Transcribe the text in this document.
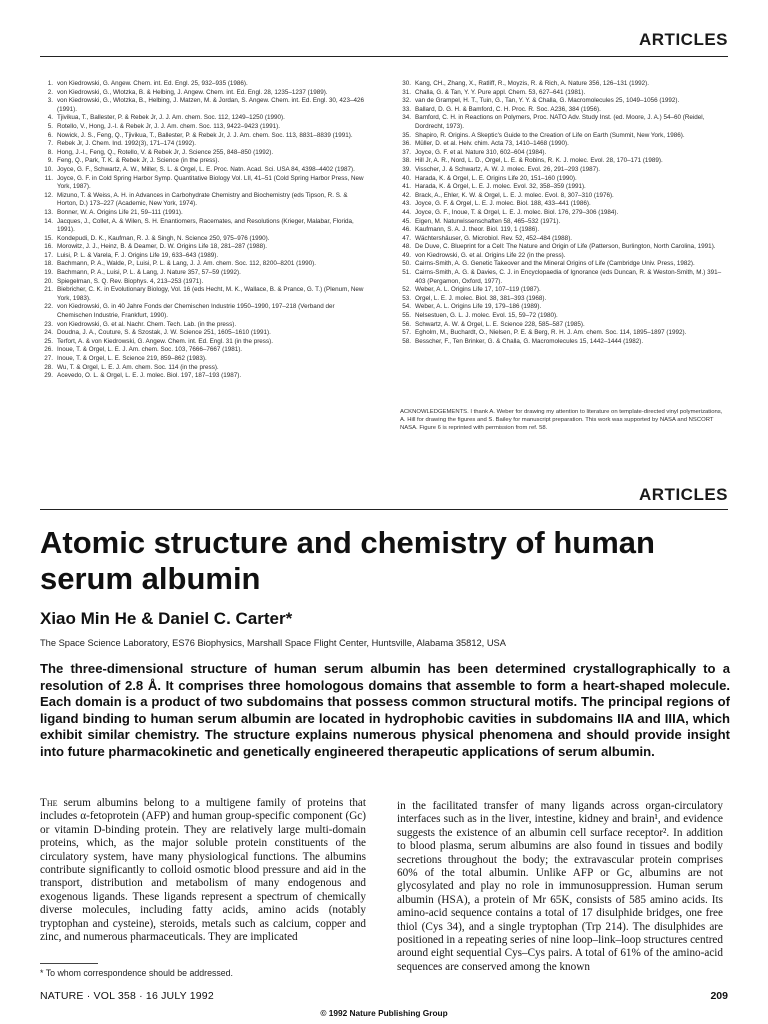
ARTICLES
1. von Kiedrowski, G. Angew. Chem. int. Ed. Engl. 25, 932–935 (1986).
2. von Kiedrowski, G., Wlotzka, B. & Helbing, J. Angew. Chem. int. Ed. Engl. 28, 1235–1237 (1989).
3. von Kiedrowski, G., Wlotzka, B., Helbing, J. Matzen, M. & Jordan, S. Angew. Chem. int. Ed. Engl. 30, 423–426 (1991).
4. Tjivikua, T., Ballester, P. & Rebek Jr, J. J. Am. chem. Soc. 112, 1249–1250 (1990).
5. Rotello, V., Hong, J.-I. & Rebek Jr, J. J. Am. chem. Soc. 113, 9422–9423 (1991).
6. Nowick, J. S., Feng, Q., Tjivikua, T., Ballester, P. & Rebek Jr, J. J. Am. chem. Soc. 113, 8831–8839 (1991).
7. Rebek Jr, J. Chem. Ind. 1992(3), 171–174 (1992).
8. Hong, J.-I., Feng, Q., Rotello, V. & Rebek Jr, J. Science 255, 848–850 (1992).
9. Feng, Q., Park, T. K. & Rebek Jr, J. Science (in the press).
10. Joyce, G. F., Schwartz, A. W., Miller, S. L. & Orgel, L. E. Proc. Natn. Acad. Sci. USA 84, 4398–4402 (1987).
11. Joyce, G. F. in Cold Spring Harbor Symp. Quantitative Biology Vol. LII, 41–51 (Cold Spring Harbor Press, New York, 1987).
12. Mizuno, T. & Weiss, A. H. in Advances in Carbohydrate Chemistry and Biochemistry (eds Tipson, R. S. & Horton, D.) 173–227 (Academic, New York, 1974).
13. Bonner, W. A. Origins Life 21, 59–111 (1991).
14. Jacques, J., Collet, A. & Wilen, S. H. Enantiomers, Racemates, and Resolutions (Krieger, Malabar, Florida, 1991).
15. Kondepudi, D. K., Kaufman, R. J. & Singh, N. Science 250, 975–976 (1990).
16. Morowitz, J. J., Heinz, B. & Deamer, D. W. Origins Life 18, 281–287 (1988).
17. Luisi, P. L. & Varela, F. J. Origins Life 19, 633–643 (1989).
18. Bachmann, P. A., Walde, P., Luisi, P. L. & Lang, J. J. Am. chem. Soc. 112, 8200–8201 (1990).
19. Bachmann, P. A., Luisi, P. L. & Lang, J. Nature 357, 57–59 (1992).
20. Spiegelman, S. Q. Rev. Biophys. 4, 213–253 (1971).
21. Biebricher, C. K. in Evolutionary Biology, Vol. 16 (eds Hecht, M. K., Wallace, B. & Prance, G. T.) (Plenum, New York, 1983).
22. von Kiedrowski, G. in 40 Jahre Fonds der Chemischen Industrie 1950–1990, 197–218 (Verband der Chemischen Industrie, Frankfurt, 1990).
23. von Kiedrowski, G. et al. Nachr. Chem. Tech. Lab. (in the press).
24. Doudna, J. A., Couture, S. & Szostak, J. W. Science 251, 1605–1610 (1991).
25. Terfort, A. & von Kiedrowski, G. Angew. Chem. int. Ed. Engl. 31 (in the press).
26. Inoue, T. & Orgel, L. E. J. Am. chem. Soc. 103, 7666–7667 (1981).
27. Inoue, T. & Orgel, L. E. Science 219, 859–862 (1983).
28. Wu, T. & Orgel, L. E. J. Am. chem. Soc. 114 (in the press).
29. Acevedo, O. L. & Orgel, L. E. J. molec. Biol. 197, 187–193 (1987).
30. Kang, CH., Zhang, X., Ratliff, R., Moyzis, R. & Rich, A. Nature 356, 126–131 (1992).
31. Challa, G. & Tan, Y. Y. Pure appl. Chem. 53, 627–641 (1981).
32. van de Grampel, H. T., Tuin, G., Tan, Y. Y. & Challa, G. Macromolecules 25, 1049–1056 (1992).
33. Ballard, D. G. H. & Bamford, C. H. Proc. R. Soc. A236, 384 (1956).
34. Bamford, C. H. in Reactions on Polymers, Proc. NATO Adv. Study Inst. (ed. Moore, J. A.) 54–60 (Reidel, Dordrecht, 1973).
35. Shapiro, R. Origins. A Skeptic's Guide to the Creation of Life on Earth (Summit, New York, 1986).
36. Müller, D. et al. Helv. chim. Acta 73, 1410–1468 (1990).
37. Joyce, G. F. et al. Nature 310, 602–604 (1984).
38. Hill Jr, A. R., Nord, L. D., Orgel, L. E. & Robins, R. K. J. molec. Evol. 28, 170–171 (1989).
39. Visscher, J. & Schwartz, A. W. J. molec. Evol. 26, 291–293 (1987).
40. Harada, K. & Orgel, L. E. Origins Life 20, 151–160 (1990).
41. Harada, K. & Orgel, L. E. J. molec. Evol. 32, 358–359 (1991).
42. Brack, A., Ehler, K. W. & Orgel, L. E. J. molec. Evol. 8, 307–310 (1976).
43. Joyce, G. F. & Orgel, L. E. J. molec. Biol. 188, 433–441 (1986).
44. Joyce, G. F., Inoue, T. & Orgel, L. E. J. molec. Biol. 176, 279–306 (1984).
45. Eigen, M. Naturwissenschaften 58, 465–532 (1971).
46. Kaufmann, S. A. J. theor. Biol. 119, 1 (1986).
47. Wächtershäuser, G. Microbiol. Rev. 52, 452–484 (1988).
48. De Duve, C. Blueprint for a Cell: The Nature and Origin of Life (Patterson, Burlington, North Carolina, 1991).
49. von Kiedrowski, G. et al. Origins Life 22 (in the press).
50. Cairns-Smith, A. G. Genetic Takeover and the Mineral Origins of Life (Cambridge Univ. Press, 1982).
51. Cairns-Smith, A. G. & Davies, C. J. in Encyclopaedia of Ignorance (eds Duncan, R. & Weston-Smith, M.) 391–403 (Pergamon, Oxford, 1977).
52. Weber, A. L. Origins Life 17, 107–119 (1987).
53. Orgel, L. E. J. molec. Biol. 38, 381–393 (1968).
54. Weber, A. L. Origins Life 19, 179–186 (1989).
55. Nelsestuen, G. L. J. molec. Evol. 15, 59–72 (1980).
56. Schwartz, A. W. & Orgel, L. E. Science 228, 585–587 (1985).
57. Egholm, M., Buchardt, O., Nielsen, P. E. & Berg, R. H. J. Am. chem. Soc. 114, 1895–1897 (1992).
58. Besscher, F., Ten Brinker, G. & Challa, G. Macromolecules 15, 1442–1444 (1982).
ACKNOWLEDGEMENTS. I thank A. Weber for drawing my attention to literature on template-directed vinyl polymerizations, A. Hill for drawing the figures and S. Bailey for manuscript preparation. This work was supported by NASA and NSCORT NASA. Figure 6 is reprinted with permission from ref. 58.
ARTICLES
Atomic structure and chemistry of human serum albumin
Xiao Min He & Daniel C. Carter*
The Space Science Laboratory, ES76 Biophysics, Marshall Space Flight Center, Huntsville, Alabama 35812, USA
The three-dimensional structure of human serum albumin has been determined crystallographically to a resolution of 2.8 Å. It comprises three homologous domains that assemble to form a heart-shaped molecule. Each domain is a product of two subdomains that possess common structural motifs. The principal regions of ligand binding to human serum albumin are located in hydrophobic cavities in subdomains IIA and IIIA, which exhibit similar chemistry. The structure explains numerous physical phenomena and should provide insight into future pharmacokinetic and genetically engineered therapeutic applications of serum albumin.
The serum albumins belong to a multigene family of proteins that includes α-fetoprotein (AFP) and human group-specific component (Gc) or vitamin D-binding protein. They are relatively large multi-domain proteins, which, as the major soluble protein constituents of the circulatory system, have many physiological functions. The albumins contribute significantly to colloid osmotic blood pressure and aid in the transport, distribution and metabolism of many endogenous and exogenous ligands. These ligands represent a spectrum of chemically diverse molecules, including fatty acids, amino acids (notably tryptophan and cysteine), steroids, metals such as calcium, copper and zinc, and numerous pharmaceuticals. They are implicated
in the facilitated transfer of many ligands across organ-circulatory interfaces such as in the liver, intestine, kidney and brain¹, and evidence suggests the existence of an albumin cell surface receptor². In addition to blood plasma, serum albumins are also found in tissues and bodily secretions throughout the body; the extravascular protein comprises 60% of the total albumin. Unlike AFP or Gc, albumins are not glycosylated and play no role in immunosuppression. Human serum albumin (HSA), a protein of Mr 65K, consists of 585 amino acids. Its amino-acid sequence contains a total of 17 disulphide bridges, one free thiol (Cys 34), and a single tryptophan (Trp 214). The disulphides are positioned in a repeating series of nine loop–link–loop structures centred around eight sequential Cys–Cys pairs. A total of 61% of the amino-acid sequences are conserved among the known
* To whom correspondence should be addressed.
NATURE · VOL 358 · 16 JULY 1992	209
© 1992 Nature Publishing Group
